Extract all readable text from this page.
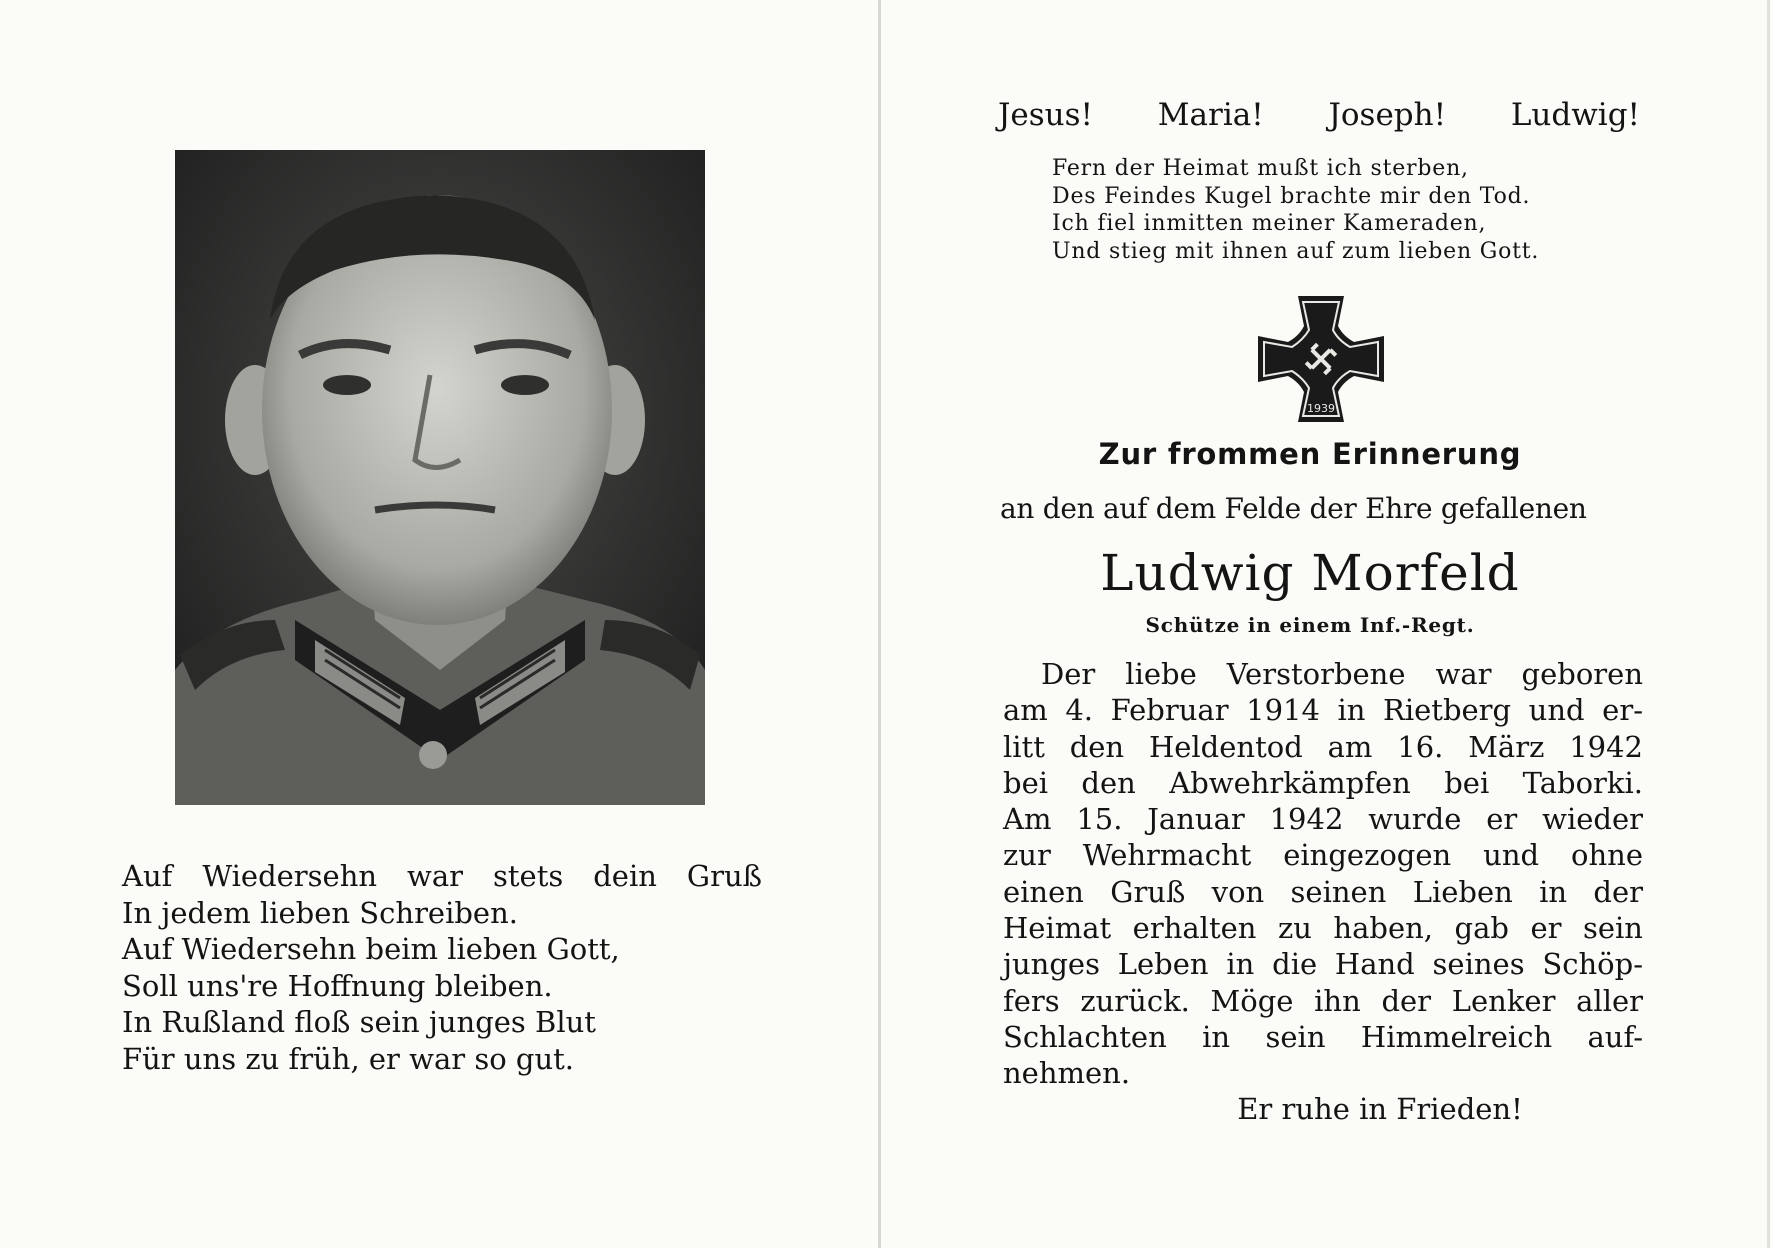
Auf Wiedersehn war stets dein Gruß
In jedem lieben Schreiben.
Auf Wiedersehn beim lieben Gott,
Soll uns're Hoffnung bleiben.
In Rußland floß sein junges Blut
Für uns zu früh, er war so gut.
Jesus! Maria! Joseph! Ludwig!
Fern der Heimat mußt ich sterben,
Des Feindes Kugel brachte mir den Tod.
Ich fiel inmitten meiner Kameraden,
Und stieg mit ihnen auf zum lieben Gott.
1939
Zur frommen Erinnerung
an den auf dem Felde der Ehre gefallenen
Ludwig Morfeld
Schütze in einem Inf.-Regt.
Der liebe Verstorbene war geboren
am 4. Februar 1914 in Rietberg und er-
litt den Heldentod am 16. März 1942
bei den Abwehrkämpfen bei Taborki.
Am 15. Januar 1942 wurde er wieder
zur Wehrmacht eingezogen und ohne
einen Gruß von seinen Lieben in der
Heimat erhalten zu haben, gab er sein
junges Leben in die Hand seines Schöp-
fers zurück. Möge ihn der Lenker aller
Schlachten in sein Himmelreich auf-
nehmen.
Er ruhe in Frieden!
